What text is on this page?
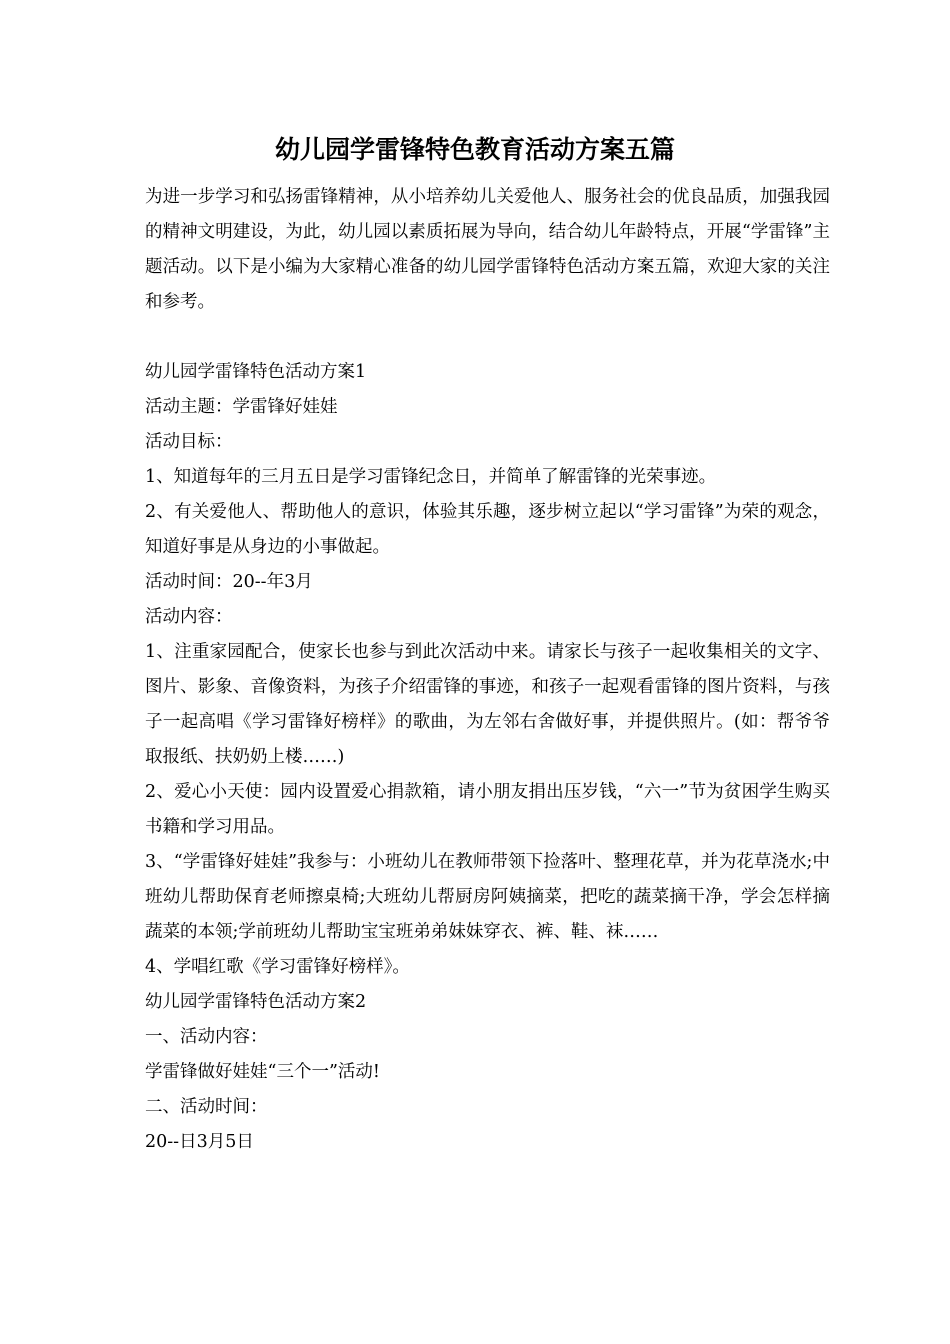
幼儿园学雷锋特色教育活动方案五篇

为进一步学习和弘扬雷锋精神，从小培养幼儿关爱他人、服务社会的优良品质，加强我园的精神文明建设，为此，幼儿园以素质拓展为导向，结合幼儿年龄特点，开展“学雷锋”主题活动。以下是小编为大家精心准备的幼儿园学雷锋特色活动方案五篇，欢迎大家的关注和参考。

幼儿园学雷锋特色活动方案1

活动主题：学雷锋好娃娃

活动目标：

1、知道每年的三月五日是学习雷锋纪念日，并简单了解雷锋的光荣事迹。

2、有关爱他人、帮助他人的意识，体验其乐趣，逐步树立起以“学习雷锋”为荣的观念，知道好事是从身边的小事做起。

活动时间：20--年3月

活动内容：

1、注重家园配合，使家长也参与到此次活动中来。请家长与孩子一起收集相关的文字、图片、影象、音像资料，为孩子介绍雷锋的事迹，和孩子一起观看雷锋的图片资料，与孩子一起高唱《学习雷锋好榜样》的歌曲，为左邻右舍做好事，并提供照片。(如：帮爷爷取报纸、扶奶奶上楼……)

2、爱心小天使：园内设置爱心捐款箱，请小朋友捐出压岁钱，“六一”节为贫困学生购买书籍和学习用品。

3、“学雷锋好娃娃”我参与：小班幼儿在教师带领下捡落叶、整理花草，并为花草浇水;中班幼儿帮助保育老师擦桌椅;大班幼儿帮厨房阿姨摘菜，把吃的蔬菜摘干净，学会怎样摘蔬菜的本领;学前班幼儿帮助宝宝班弟弟妹妹穿衣、裤、鞋、袜……

4、学唱红歌《学习雷锋好榜样》。

幼儿园学雷锋特色活动方案2

一、活动内容：

学雷锋做好娃娃“三个一”活动!

二、活动时间：

20--日3月5日
